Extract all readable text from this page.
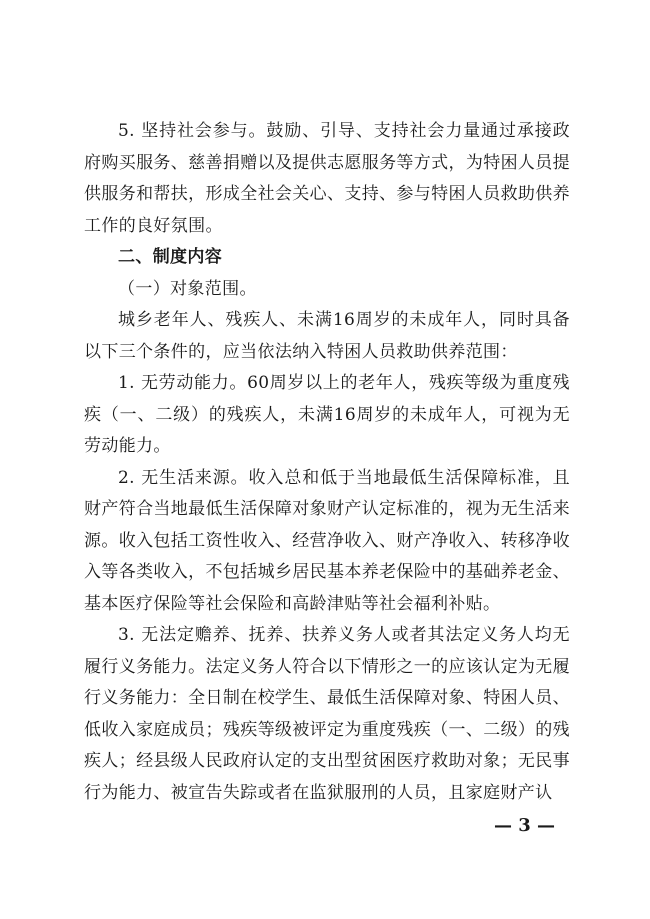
5. 坚持社会参与。鼓励、引导、支持社会力量通过承接政府购买服务、慈善捐赠以及提供志愿服务等方式，为特困人员提供服务和帮扶，形成全社会关心、支持、参与特困人员救助供养工作的良好氛围。

二、制度内容

（一）对象范围。

城乡老年人、残疾人、未满16周岁的未成年人，同时具备以下三个条件的，应当依法纳入特困人员救助供养范围：

1. 无劳动能力。60周岁以上的老年人，残疾等级为重度残疾（一、二级）的残疾人，未满16周岁的未成年人，可视为无劳动能力。

2. 无生活来源。收入总和低于当地最低生活保障标准，且财产符合当地最低生活保障对象财产认定标准的，视为无生活来源。收入包括工资性收入、经营净收入、财产净收入、转移净收入等各类收入，不包括城乡居民基本养老保险中的基础养老金、基本医疗保险等社会保险和高龄津贴等社会福利补贴。

3. 无法定赡养、抚养、扶养义务人或者其法定义务人均无履行义务能力。法定义务人符合以下情形之一的应该认定为无履行义务能力：全日制在校学生、最低生活保障对象、特困人员、低收入家庭成员；残疾等级被评定为重度残疾（一、二级）的残疾人；经县级人民政府认定的支出型贫困医疗救助对象；无民事行为能力、被宣告失踪或者在监狱服刑的人员，且家庭财产认

— 3 —
